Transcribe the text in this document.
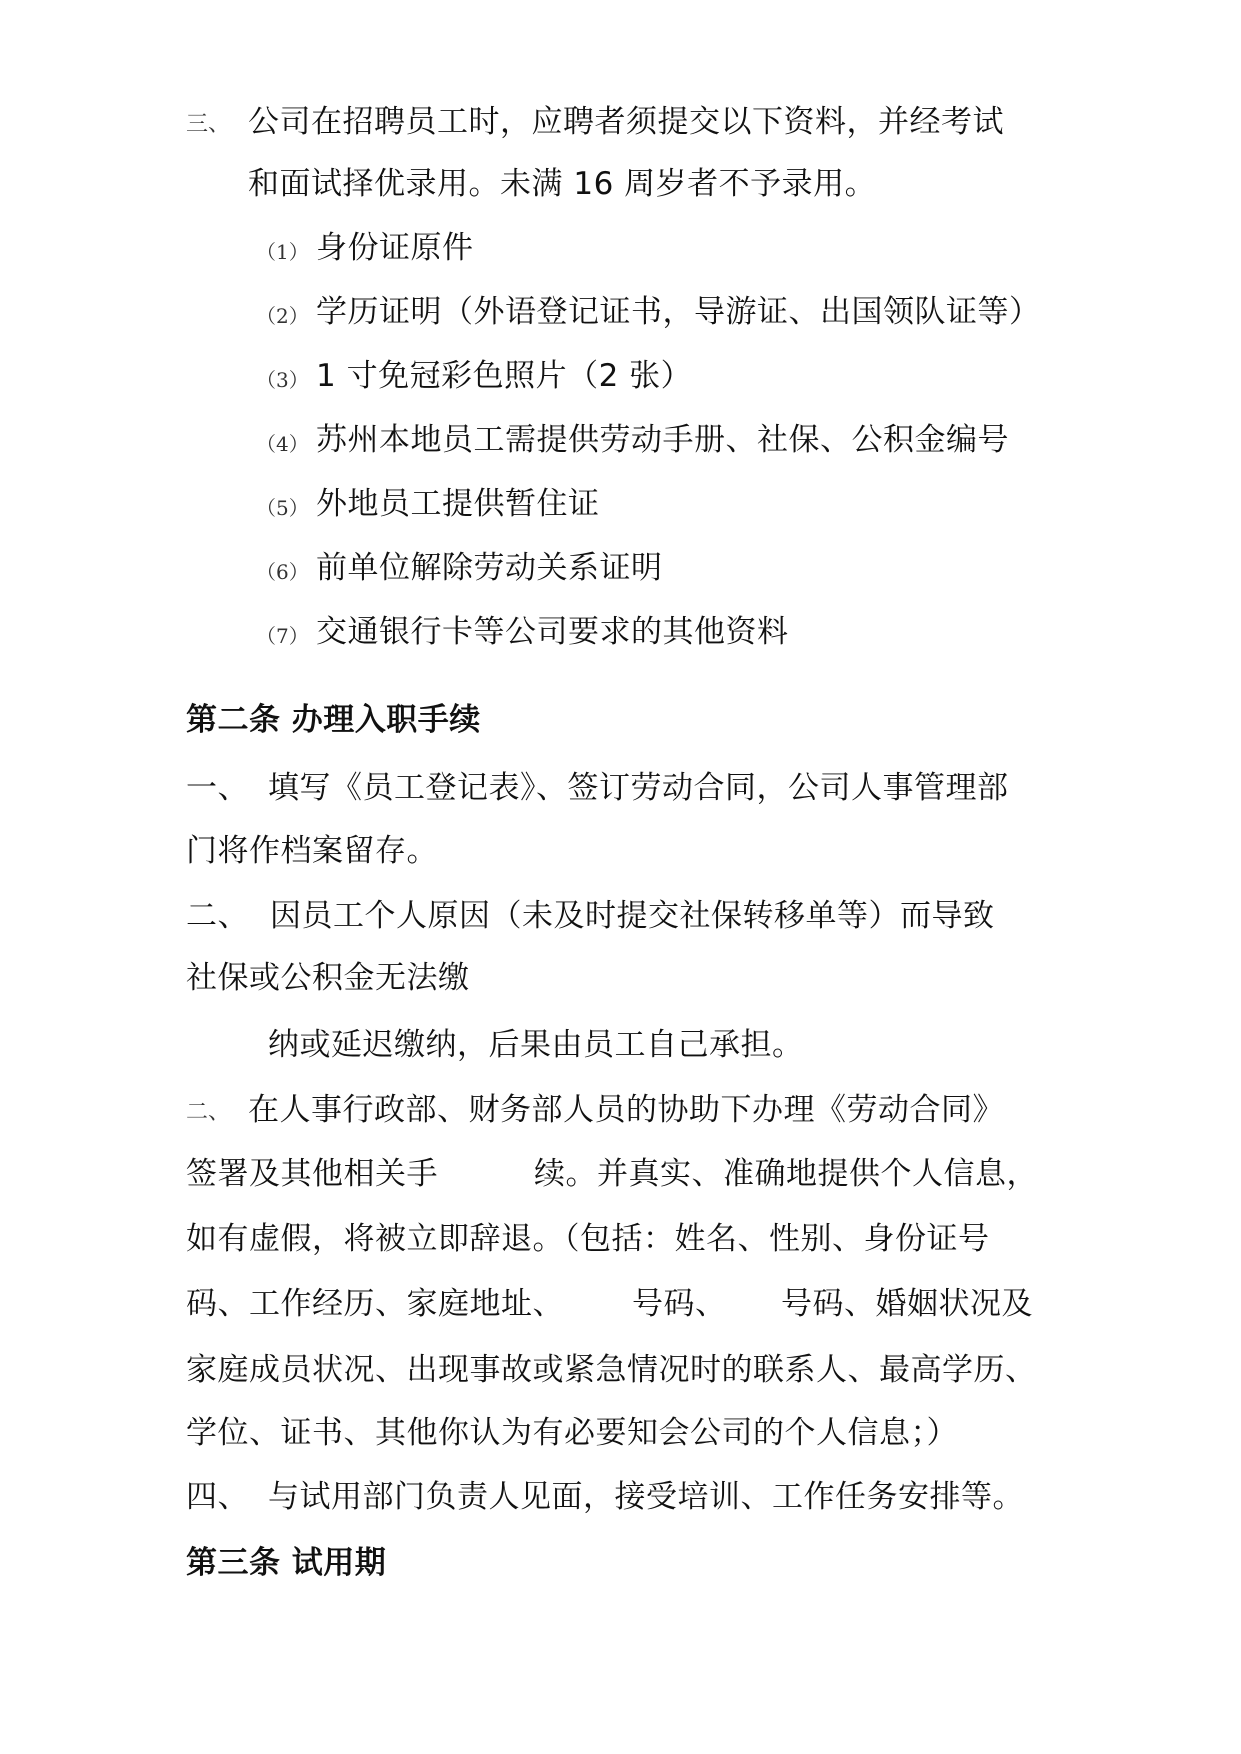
三、 公司在招聘员工时，应聘者须提交以下资料，并经考试
和面试择优录用。未满 16 周岁者不予录用。
（1） 身份证原件
（2） 学历证明（外语登记证书，导游证、出国领队证等）
（3） 1 寸免冠彩色照片（2 张）
（4） 苏州本地员工需提供劳动手册、社保、公积金编号
（5） 外地员工提供暂住证
（6） 前单位解除劳动关系证明
（7） 交通银行卡等公司要求的其他资料
第二条 办理入职手续
一、 填写《员工登记表》、签订劳动合同，公司人事管理部
门将作档案留存。
二、 因员工个人原因（未及时提交社保转移单等）而导致
社保或公积金无法缴
纳或延迟缴纳，后果由员工自己承担。
二、 在人事行政部、财务部人员的协助下办理《劳动合同》
签署及其他相关手	续。并真实、准确地提供个人信息，
如有虚假，将被立即辞退。（包括：姓名、性别、身份证号
码、工作经历、家庭地址、 号码、 号码、婚姻状况及
家庭成员状况、出现事故或紧急情况时的联系人、最高学历、
学位、证书、其他你认为有必要知会公司的个人信息；）
四、 与试用部门负责人见面，接受培训、工作任务安排等。
第三条 试用期
